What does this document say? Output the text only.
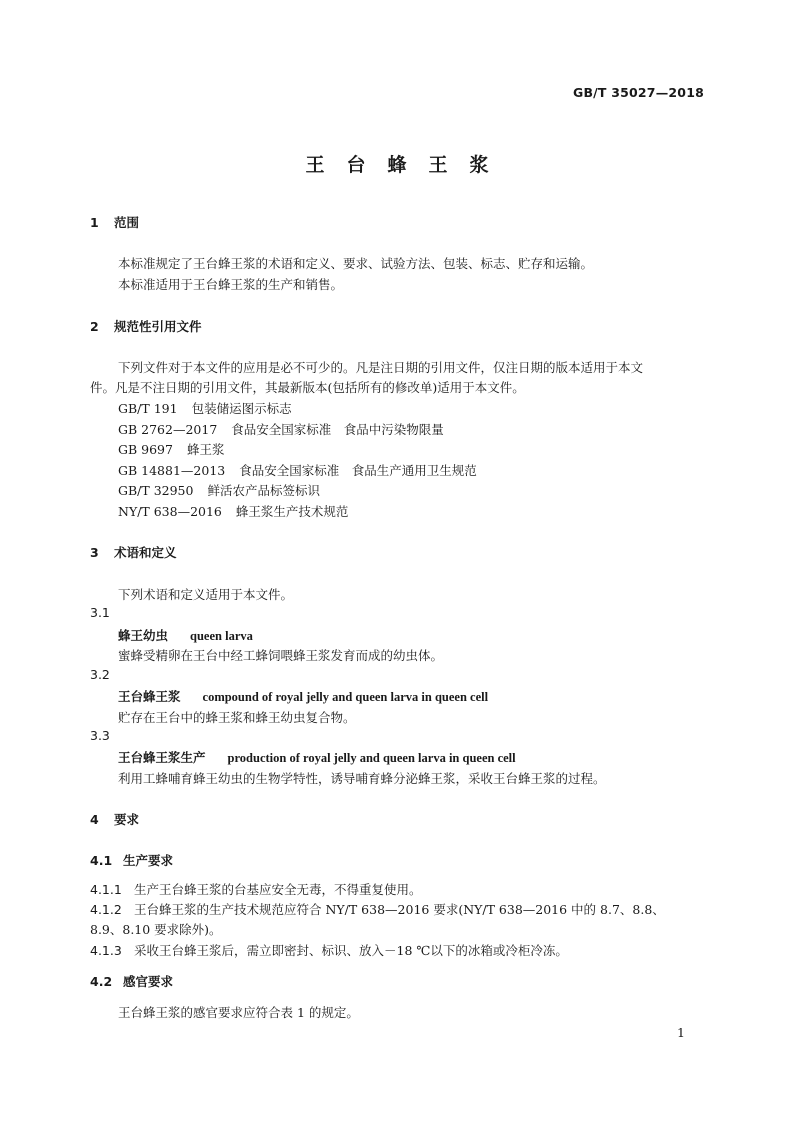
GB/T 35027—2018
王台蜂王浆
1 范围
本标准规定了王台蜂王浆的术语和定义、要求、试验方法、包装、标志、贮存和运输。
本标准适用于王台蜂王浆的生产和销售。
2 规范性引用文件
下列文件对于本文件的应用是必不可少的。凡是注日期的引用文件，仅注日期的版本适用于本文
件。凡是不注日期的引用文件，其最新版本(包括所有的修改单)适用于本文件。
GB/T 191 包装储运图示标志
GB 2762—2017 食品安全国家标准　食品中污染物限量
GB 9697 蜂王浆
GB 14881—2013 食品安全国家标准　食品生产通用卫生规范
GB/T 32950 鲜活农产品标签标识
NY/T 638—2016 蜂王浆生产技术规范
3 术语和定义
下列术语和定义适用于本文件。
3.1
蜂王幼虫 queen larva
蜜蜂受精卵在王台中经工蜂饲喂蜂王浆发育而成的幼虫体。
3.2
王台蜂王浆 compound of royal jelly and queen larva in queen cell
贮存在王台中的蜂王浆和蜂王幼虫复合物。
3.3
王台蜂王浆生产 production of royal jelly and queen larva in queen cell
利用工蜂哺育蜂王幼虫的生物学特性，诱导哺育蜂分泌蜂王浆，采收王台蜂王浆的过程。
4 要求
4.1 生产要求
4.1.1 生产王台蜂王浆的台基应安全无毒，不得重复使用。
4.1.2 王台蜂王浆的生产技术规范应符合 NY/T 638—2016 要求(NY/T 638—2016 中的 8.7、8.8、
8.9、8.10 要求除外)。
4.1.3 采收王台蜂王浆后，需立即密封、标识、放入－18 ℃以下的冰箱或冷柜冷冻。
4.2 感官要求
王台蜂王浆的感官要求应符合表 1 的规定。
1
